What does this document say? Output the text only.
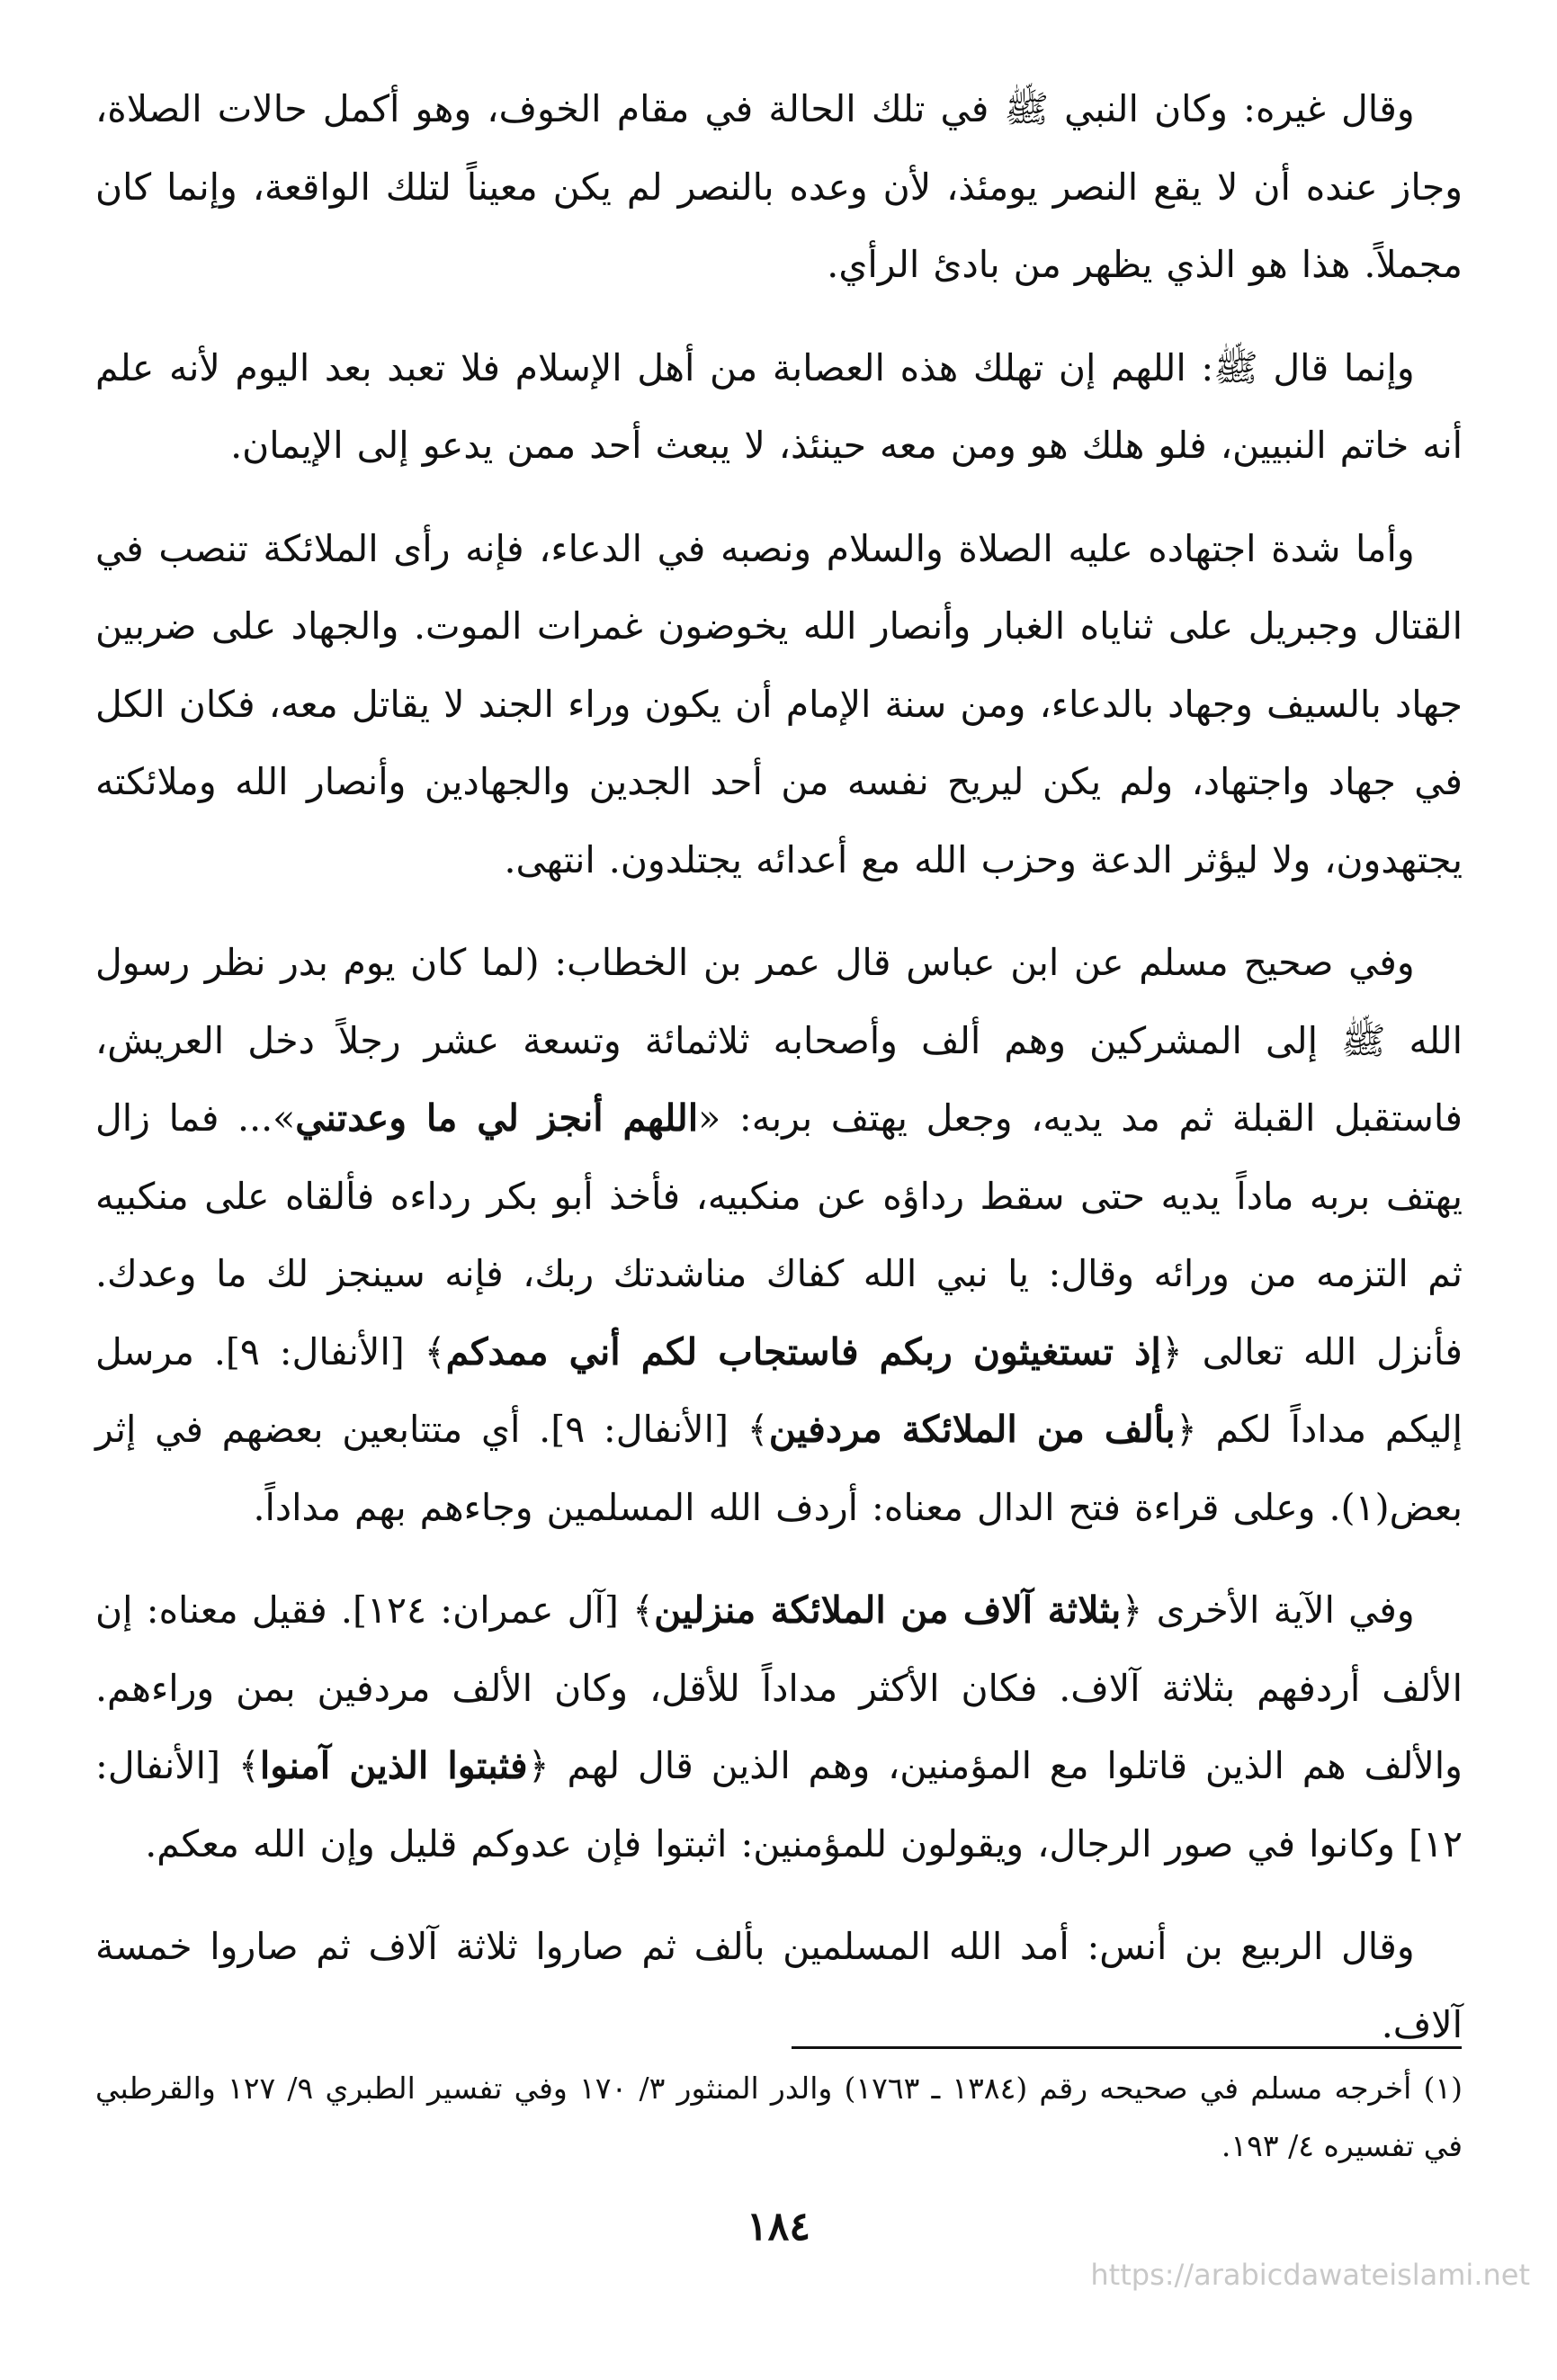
وقال غيره: وكان النبي ﷺ في تلك الحالة في مقام الخوف، وهو أكمل حالات الصلاة، وجاز عنده أن لا يقع النصر يومئذ، لأن وعده بالنصر لم يكن معيناً لتلك الواقعة، وإنما كان مجملاً. هذا هو الذي يظهر من بادئ الرأي.

وإنما قال ﷺ: اللهم إن تهلك هذه العصابة من أهل الإسلام فلا تعبد بعد اليوم لأنه علم أنه خاتم النبيين، فلو هلك هو ومن معه حينئذ، لا يبعث أحد ممن يدعو إلى الإيمان.

وأما شدة اجتهاده عليه الصلاة والسلام ونصبه في الدعاء، فإنه رأى الملائكة تنصب في القتال وجبريل على ثناياه الغبار وأنصار الله يخوضون غمرات الموت. والجهاد على ضربين جهاد بالسيف وجهاد بالدعاء، ومن سنة الإمام أن يكون وراء الجند لا يقاتل معه، فكان الكل في جهاد واجتهاد، ولم يكن ليريح نفسه من أحد الجدين والجهادين وأنصار الله وملائكته يجتهدون، ولا ليؤثر الدعة وحزب الله مع أعدائه يجتلدون. انتهى.

وفي صحيح مسلم عن ابن عباس قال عمر بن الخطاب: (لما كان يوم بدر نظر رسول الله ﷺ إلى المشركين وهم ألف وأصحابه ثلاثمائة وتسعة عشر رجلاً دخل العريش، فاستقبل القبلة ثم مد يديه، وجعل يهتف بربه: «اللهم أنجز لي ما وعدتني»... فما زال يهتف بربه ماداً يديه حتى سقط رداؤه عن منكبيه، فأخذ أبو بكر رداءه فألقاه على منكبيه ثم التزمه من ورائه وقال: يا نبي الله كفاك مناشدتك ربك، فإنه سينجز لك ما وعدك. فأنزل الله تعالى ﴿إذ تستغيثون ربكم فاستجاب لكم أني ممدكم﴾ [الأنفال: ٩]. مرسل إليكم مداداً لكم ﴿بألف من الملائكة مردفين﴾ [الأنفال: ٩]. أي متتابعين بعضهم في إثر بعض(١). وعلى قراءة فتح الدال معناه: أردف الله المسلمين وجاءهم بهم مداداً.

وفي الآية الأخرى ﴿بثلاثة آلاف من الملائكة منزلين﴾ [آل عمران: ١٢٤]. فقيل معناه: إن الألف أردفهم بثلاثة آلاف. فكان الأكثر مداداً للأقل، وكان الألف مردفين بمن وراءهم. والألف هم الذين قاتلوا مع المؤمنين، وهم الذين قال لهم ﴿فثبتوا الذين آمنوا﴾ [الأنفال: ١٢] وكانوا في صور الرجال، ويقولون للمؤمنين: اثبتوا فإن عدوكم قليل وإن الله معكم.

وقال الربيع بن أنس: أمد الله المسلمين بألف ثم صاروا ثلاثة آلاف ثم صاروا خمسة آلاف.

(١) أخرجه مسلم في صحيحه رقم (١٣٨٤ ـ ١٧٦٣) والدر المنثور ٣/ ١٧٠ وفي تفسير الطبري ٩/ ١٢٧ والقرطبي في تفسيره ٤/ ١٩٣.

١٨٤
https://arabicdawateislami.net
